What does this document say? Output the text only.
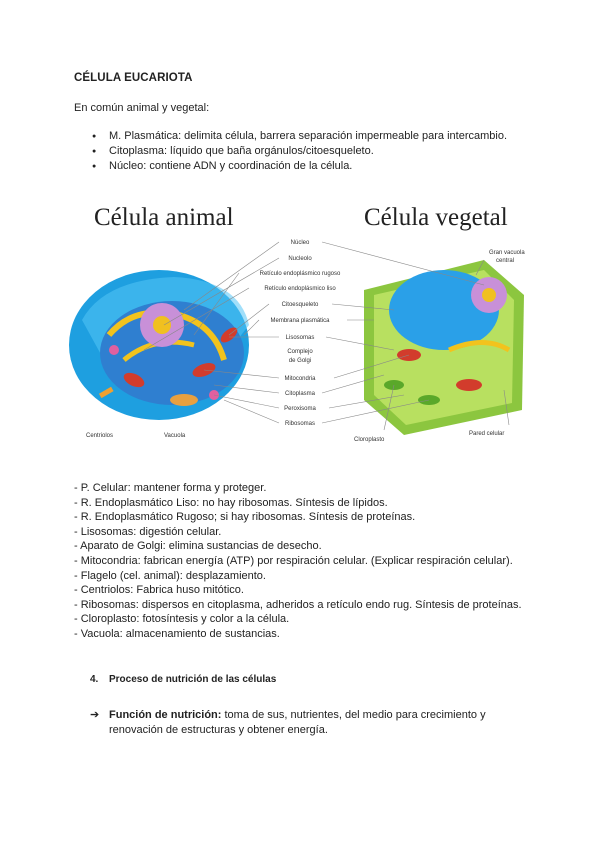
CÉLULA EUCARIOTA
En común animal y vegetal:
● M. Plasmática: delimita célula, barrera separación impermeable para intercambio.
● Citoplasma: líquido que baña orgánulos/citoesqueleto.
● Núcleo: contiene ADN y coordinación de la célula.
Célula animal	Célula vegetal
Núcleo
Nucleolo
Retículo endoplásmico rugoso
Retículo endoplásmico liso
Citoesqueleto
Membrana plasmática
Lisosomas
Complejo
de Golgi
Mitocondria
Citoplasma
Peroxisoma
Ribosomas
Centriolos	Vacuola
Gran vacuola
central
Cloroplasto
Pared celular
- P. Celular: mantener forma y proteger.
- R. Endoplasmático Liso: no hay ribosomas. Síntesis de lípidos.
- R. Endoplasmático Rugoso; si hay ribosomas. Síntesis de proteínas.
- Lisosomas: digestión celular.
- Aparato de Golgi: elimina sustancias de desecho.
- Mitocondria: fabrican energía (ATP) por respiración celular. (Explicar respiración celular).
- Flagelo (cel. animal): desplazamiento.
- Centriolos: Fabrica huso mitótico.
- Ribosomas: dispersos en citoplasma, adheridos a retículo endo rug. Síntesis de proteínas.
- Cloroplasto: fotosíntesis y color a la célula.
- Vacuola: almacenamiento de sustancias.
4. Proceso de nutrición de las células
➔ Función de nutrición: toma de sus, nutrientes, del medio para crecimiento y renovación de estructuras y obtener energía.
